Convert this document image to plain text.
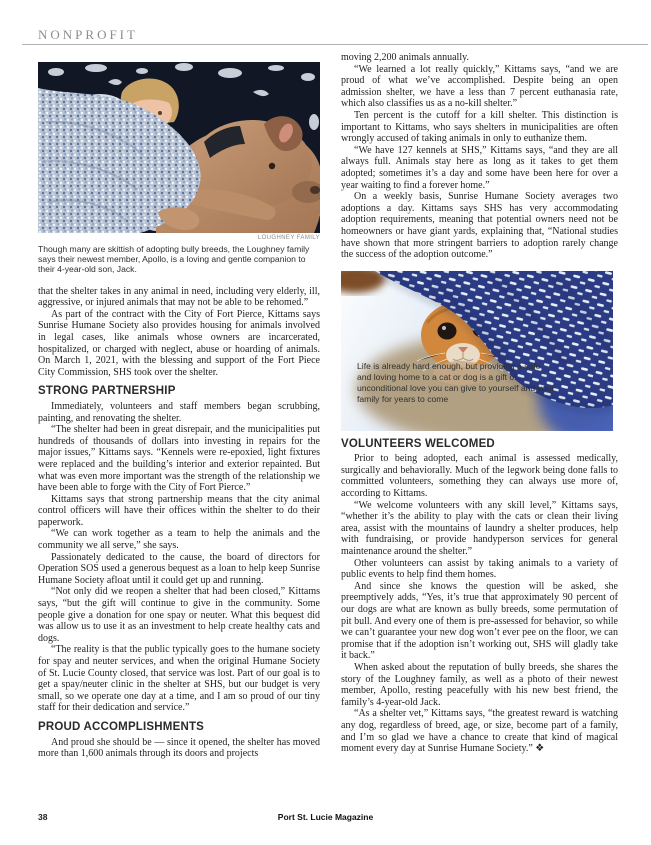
NONPROFIT
LOUGHNEY FAMILY
Though many are skittish of adopting bully breeds, the Loughney family says their newest member, Apollo, is a loving and gentle companion to their 4-year-old son, Jack.

that the shelter takes in any animal in need, including very elderly, ill, aggressive, or injured animals that may not be able to be rehomed.”

As part of the contract with the City of Fort Pierce, Kittams says Sunrise Humane Society also provides housing for animals involved in legal cases, like animals whose owners are incarcerated, hospitalized, or charged with neglect, abuse or hoarding of animals. On March 1, 2021, with the blessing and support of the Fort Piece City Commission, SHS took over the shelter.

STRONG PARTNERSHIP

Immediately, volunteers and staff members began scrubbing, painting, and renovating the shelter.

“The shelter had been in great disrepair, and the municipalities put hundreds of thousands of dollars into investing in repairs for the major issues,” Kittams says. “Kennels were re-epoxied, light fixtures were replaced and the building’s interior and exterior repainted. But what was even more important was the strength of the relationship we have been able to forge with the City of Fort Pierce.”

Kittams says that strong partnership means that the city animal control officers will have their offices within the shelter to do their paperwork.

“We can work together as a team to help the animals and the community we all serve,” she says.

Passionately dedicated to the cause, the board of directors for Operation SOS used a generous bequest as a loan to help keep Sunrise Humane Society afloat until it could get up and running.

“Not only did we reopen a shelter that had been closed,” Kittams says, “but the gift will continue to give in the community. Some people give a donation for one spay or neuter. What this bequest did was allow us to use it as an investment to help create healthy cats and dogs.

“The reality is that the public typically goes to the humane society for spay and neuter services, and when the original Humane Society of St. Lucie County closed, that service was lost. Part of our goal is to get a spay/neuter clinic in the shelter at SHS, but our budget is very small, so we operate one day at a time, and I am so proud of our tiny staff for their dedication and service.”

PROUD ACCOMPLISHMENTS

And proud she should be — since it opened, the shelter has moved more than 1,600 animals through its doors and projects

moving 2,200 animals annually.

“We learned a lot really quickly,” Kittams says, “and we are proud of what we’ve accomplished. Despite being an open admission shelter, we have a less than 7 percent euthanasia rate, which also classifies us as a no-kill shelter.”

Ten percent is the cutoff for a kill shelter. This distinction is important to Kittams, who says shelters in municipalities are often wrongly accused of taking animals in only to euthanize them.

“We have 127 kennels at SHS,” Kittams says, “and they are all always full. Animals stay here as long as it takes to get them adopted; sometimes it’s a day and some have been here for over a year waiting to find a forever home.”

On a weekly basis, Sunrise Humane Society averages two adoptions a day. Kittams says SHS has very accommodating adoption requirements, meaning that potential owners need not be homeowners or have giant yards, explaining that, “National studies have shown that more stringent barriers to adoption rarely change the success of the adoption outcome.”

Life is already hard enough, but providing a safe and loving home to a cat or dog is a gift of unconditional love you can give to yourself and your family for years to come
VOLUNTEERS WELCOMED

Prior to being adopted, each animal is assessed medically, surgically and behaviorally. Much of the legwork being done falls to committed volunteers, something they can always use more of, according to Kittams.

“We welcome volunteers with any skill level,” Kittams says, “whether it’s the ability to play with the cats or clean their living area, assist with the mountains of laundry a shelter produces, help with fundraising, or provide handyperson services for general maintenance around the shelter.”

Other volunteers can assist by taking animals to a variety of public events to help find them homes.

And since she knows the question will be asked, she preemptively adds, “Yes, it’s true that approximately 90 percent of our dogs are what are known as bully breeds, some permutation of pit bull. And every one of them is pre-assessed for behavior, so while we can’t guarantee your new dog won’t ever pee on the floor, we can promise that if the adoption isn’t working out, SHS will gladly take it back.”

When asked about the reputation of bully breeds, she shares the story of the Loughney family, as well as a photo of their newest member, Apollo, resting peacefully with his new best friend, the family’s 4-year-old Jack.

“As a shelter vet,” Kittams says, “the greatest reward is watching any dog, regardless of breed, age, or size, become part of a family, and I’m so glad we have a chance to create that kind of magical moment every day at Sunrise Humane Society.” ❖

38	Port St. Lucie Magazine
